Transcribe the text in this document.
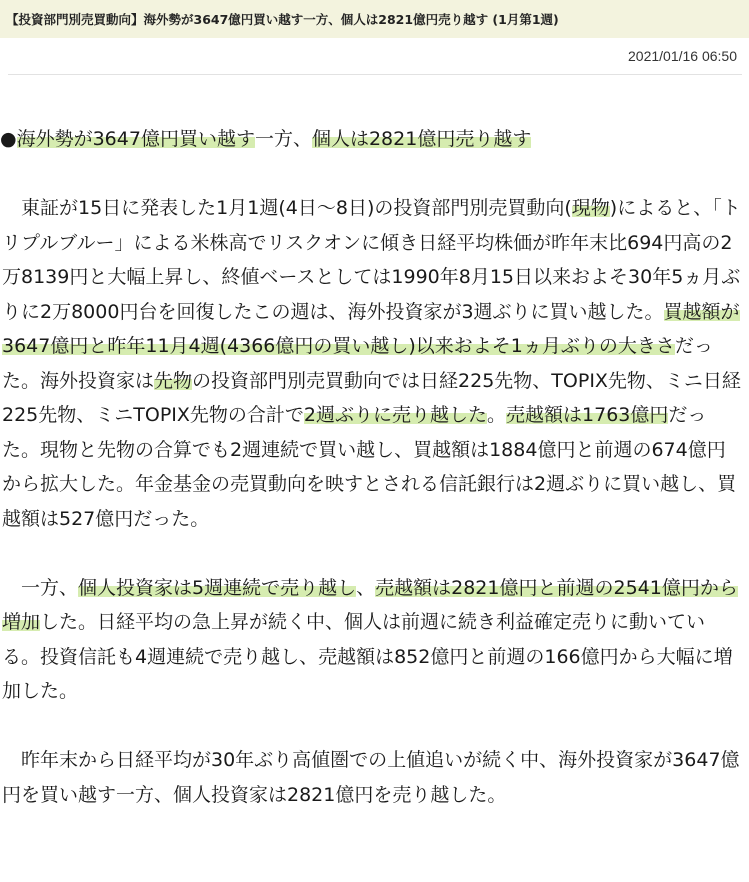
【投資部門別売買動向】海外勢が3647億円買い越す一方、個人は2821億円売り越す (1月第1週)
2021/01/16 06:50

●海外勢が3647億円買い越す一方、個人は2821億円売り越す

東証が15日に発表した1月1週(4日〜8日)の投資部門別売買動向(現物)によると、「トリプルブルー」による米株高でリスクオンに傾き日経平均株価が昨年末比694円高の2万8139円と大幅上昇し、終値ベースとしては1990年8月15日以来およそ30年5ヵ月ぶりに2万8000円台を回復したこの週は、海外投資家が3週ぶりに買い越した。買越額が3647億円と昨年11月4週(4366億円の買い越し)以来およそ1ヵ月ぶりの大きさだった。海外投資家は先物の投資部門別売買動向では日経225先物、TOPIX先物、ミニ日経225先物、ミニTOPIX先物の合計で2週ぶりに売り越した。売越額は1763億円だった。現物と先物の合算でも2週連続で買い越し、買越額は1884億円と前週の674億円から拡大した。年金基金の売買動向を映すとされる信託銀行は2週ぶりに買い越し、買越額は527億円だった。

一方、個人投資家は5週連続で売り越し、売越額は2821億円と前週の2541億円から増加した。日経平均の急上昇が続く中、個人は前週に続き利益確定売りに動いている。投資信託も4週連続で売り越し、売越額は852億円と前週の166億円から大幅に増加した。

昨年末から日経平均が30年ぶり高値圏での上値追いが続く中、海外投資家が3647億円を買い越す一方、個人投資家は2821億円を売り越した。
